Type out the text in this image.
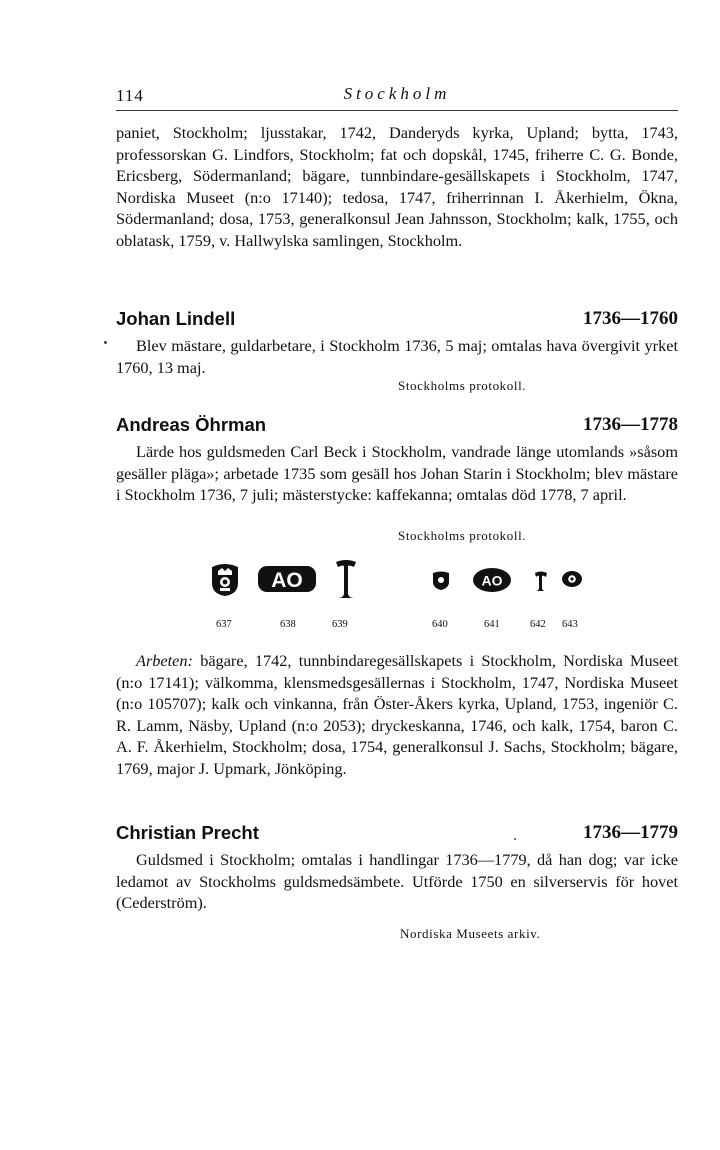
114	Stockholm

paniet, Stockholm; ljusstakar, 1742, Danderyds kyrka, Upland; bytta, 1743, professorskan G. Lindfors, Stockholm; fat och dopskål, 1745, friherre C. G. Bonde, Ericsberg, Södermanland; bägare, tunnbindare-gesällskapets i Stockholm, 1747, Nordiska Museet (n:o 17140); tedosa, 1747, friherrinnan I. Åkerhielm, Ökna, Södermanland; dosa, 1753, generalkonsul Jean Jahnsson, Stockholm; kalk, 1755, och oblatask, 1759, v. Hallwylska samlingen, Stockholm.

Johan Lindell	1736—1760

Blev mästare, guldarbetare, i Stockholm 1736, 5 maj; omtalas hava övergivit yrket 1760, 13 maj.

Stockholms protokoll.
Andreas Öhrman	1736—1778

Lärde hos guldsmeden Carl Beck i Stockholm, vandrade länge utomlands »såsom gesäller pläga»; arbetade 1735 som gesäll hos Johan Starin i Stockholm; blev mästare i Stockholm 1736, 7 juli; mästerstycke: kaffekanna; omtalas död 1778, 7 april.

Stockholms protokoll.
AO	AO
637	638	639	640	641	642 643

Arbeten: bägare, 1742, tunnbindaregesällskapets i Stockholm, Nordiska Museet (n:o 17141); välkomma, klensmedsgesällernas i Stockholm, 1747, Nordiska Museet (n:o 105707); kalk och vinkanna, från Öster-Åkers kyrka, Upland, 1753, ingeniör C. R. Lamm, Näsby, Upland (n:o 2053); dryckeskanna, 1746, och kalk, 1754, baron C. A. F. Åkerhielm, Stockholm; dosa, 1754, generalkonsul J. Sachs, Stockholm; bägare, 1769, major J. Upmark, Jönköping.

Christian Precht	1736—1779

Guldsmed i Stockholm; omtalas i handlingar 1736—1779, då han dog; var icke ledamot av Stockholms guldsmedsämbete. Utförde 1750 en silverservis för hovet (Cederström).

Nordiska Museets arkiv.
